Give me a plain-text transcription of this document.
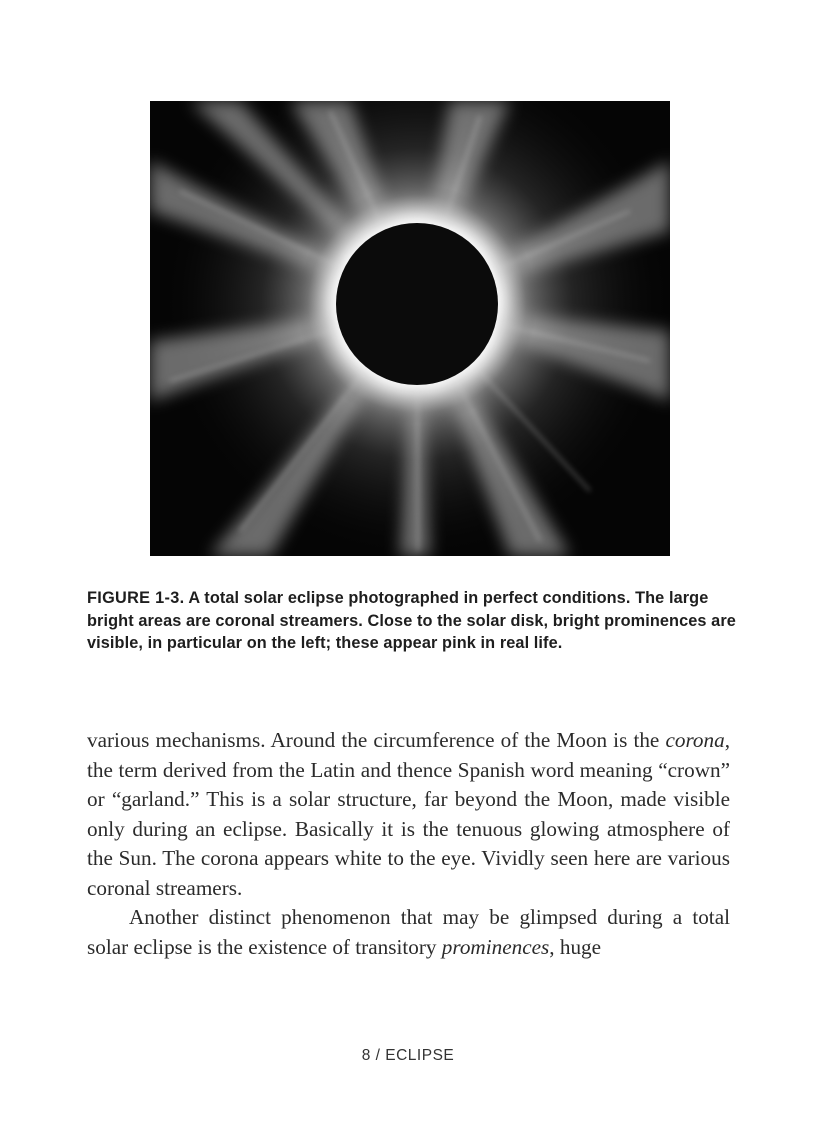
FIGURE 1-3. A total solar eclipse photographed in perfect conditions. The large bright areas are coronal streamers. Close to the solar disk, bright prominences are visible, in particular on the left; these appear pink in real life.

various mechanisms. Around the circumference of the Moon is the corona, the term derived from the Latin and thence Spanish word meaning “crown” or “garland.” This is a solar structure, far beyond the Moon, made visible only during an eclipse. Basically it is the tenuous glowing atmosphere of the Sun. The corona appears white to the eye. Vividly seen here are various coronal streamers.

Another distinct phenomenon that may be glimpsed during a total solar eclipse is the existence of transitory prominences, huge

8 / ECLIPSE
